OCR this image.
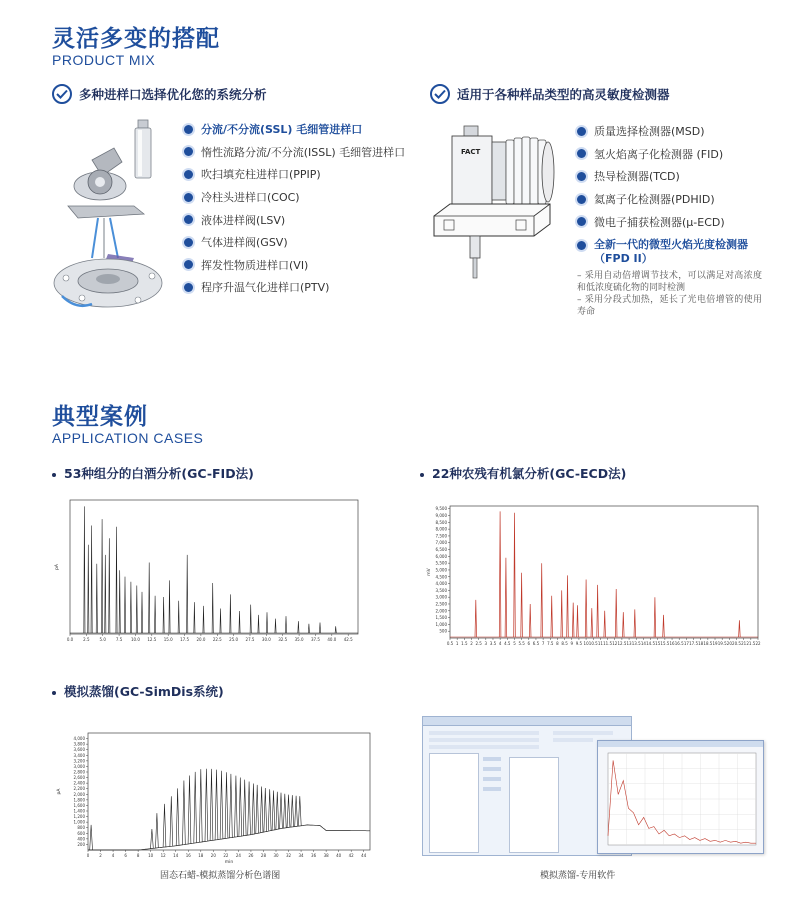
灵活多变的搭配
PRODUCT MIX
多种进样口选择优化您的系统分析
分流/不分流(SSL) 毛细管进样口
惰性流路分流/不分流(ISSL) 毛细管进样口
吹扫填充柱进样口(PPIP)
冷柱头进样口(COC)
液体进样阀(LSV)
气体进样阀(GSV)
挥发性物质进样口(VI)
程序升温气化进样口(PTV)
适用于各种样品类型的高灵敏度检测器
FACT
质量选择检测器(MSD)
氢火焰离子化检测器 (FID)
热导检测器(TCD)
氦离子化检测器(PDHID)
微电子捕获检测器(μ-ECD)
全新一代的微型火焰光度检测器
（FPD II）
– 采用自动倍增调节技术，可以满足对高浓度和低浓度硫化物的同时检测
– 采用分段式加热，延长了光电倍增管的使用寿命
典型案例
APPLICATION CASES
53种组分的白酒分析(GC-FID法)	22种农残有机氯分析(GC-ECD法)
模拟蒸馏(GC-SimDis系统)
0.0 2.5 5.0 7.5 10.0 12.5 15.0 17.5 20.0 22.5 25.0 27.5 30.0 32.5 35.0 37.5 40.0 42.5
pA
9,500
9,000
8,500
8,000
7,500
7,000
6,500
6,000
5,500
5,000
4,500
4,000
3,500
3,000
2,500
2,000
1,500
1,000
500
0.5 1 1.5 2 2.5 3 3.5 4 4.5 5 5.5 6 6.5 7 7.5 8 8.5 9 9.5 10 10.5 11 11.5 12 12.5 13 13.5 14 14.5 15 15.5 16 16.5 17 17.5 18 18.5 19 19.5 20 20.5 21 21.5 22
mV
4,000
3,800
3,600
3,400
3,200
3,000
2,800
2,600
2,400
2,200
2,000
1,800
1,600
1,400
1,200
1,000
800
600
400
200
0 2 4 6 8 10 12 14 16 18 20 22 24 26 28 30 32 34 36 38 40 42 44
pA
min
固态石蜡-模拟蒸馏分析色谱图	模拟蒸馏-专用软件
